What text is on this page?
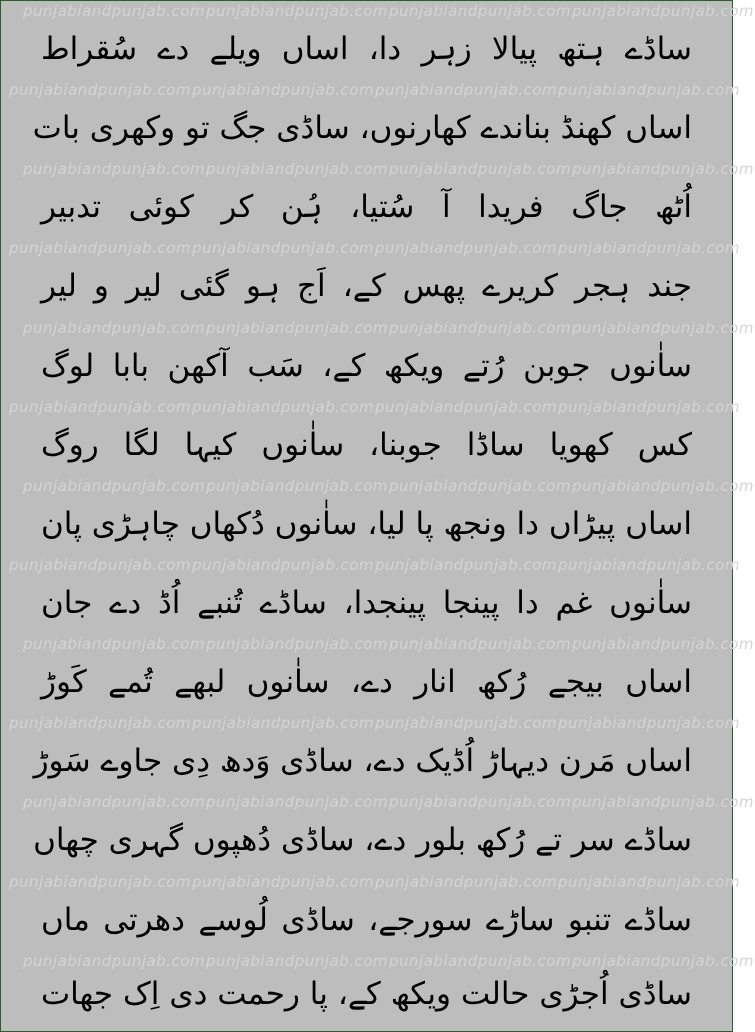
punjabiandpunjab.compunjabiandpunjab.compunjabiandpunjab.compunjabiandpunjab.com
punjabiandpunjab.compunjabiandpunjab.compunjabiandpunjab.compunjabiandpunjab.com
punjabiandpunjab.compunjabiandpunjab.compunjabiandpunjab.compunjabiandpunjab.com
punjabiandpunjab.compunjabiandpunjab.compunjabiandpunjab.compunjabiandpunjab.com
punjabiandpunjab.compunjabiandpunjab.compunjabiandpunjab.compunjabiandpunjab.com
punjabiandpunjab.compunjabiandpunjab.compunjabiandpunjab.compunjabiandpunjab.com
punjabiandpunjab.compunjabiandpunjab.compunjabiandpunjab.compunjabiandpunjab.com
punjabiandpunjab.compunjabiandpunjab.compunjabiandpunjab.compunjabiandpunjab.com
punjabiandpunjab.compunjabiandpunjab.compunjabiandpunjab.compunjabiandpunjab.com
punjabiandpunjab.compunjabiandpunjab.compunjabiandpunjab.compunjabiandpunjab.com
punjabiandpunjab.compunjabiandpunjab.compunjabiandpunjab.compunjabiandpunjab.com
punjabiandpunjab.compunjabiandpunjab.compunjabiandpunjab.compunjabiandpunjab.com
punjabiandpunjab.compunjabiandpunjab.compunjabiandpunjab.compunjabiandpunjab.com
ساڈے ہتھ پیالا زہر دا، اساں ویلے دے سُقراط
اساں کھنڈ بناندے کھارنوں، ساڈی جگ تو وکھری بات
اُٹھ جاگ فریدا آ سُتیا، ہُن کر کوئی تدبیر
جند ہجر کریرے پھس کے، اَج ہو گئی لیر و لیر
ساٰنوں جوبن رُتے ویکھ کے، سَب آکھن بابا لوگ
کس کھویا ساڈا جوبنا، ساٰنوں کیہا لگا روگ
اساں پیڑاں دا ونجھ پا لیا، ساٰنوں دُکھاں چاہڑی پان
ساٰنوں غم دا پینجا پینجدا، ساڈے تُنبے اُڈ دے جان
اساں بیجے رُکھ انار دے، ساٰنوں لبھے تُمے کَوڑ
اساں مَرن دیہاڑ اُڈیک دے، ساڈی وَدھ دِی جاوے سَوڑ
ساڈے سر تے رُکھ بلور دے، ساڈی دُھپوں گہری چھاں
ساڈے تنبو ساڑے سورجے، ساڈی لُوسے دھرتی ماں
ساڈی اُجڑی حالت ویکھ کے، پا رحمت دی اِک جھات
